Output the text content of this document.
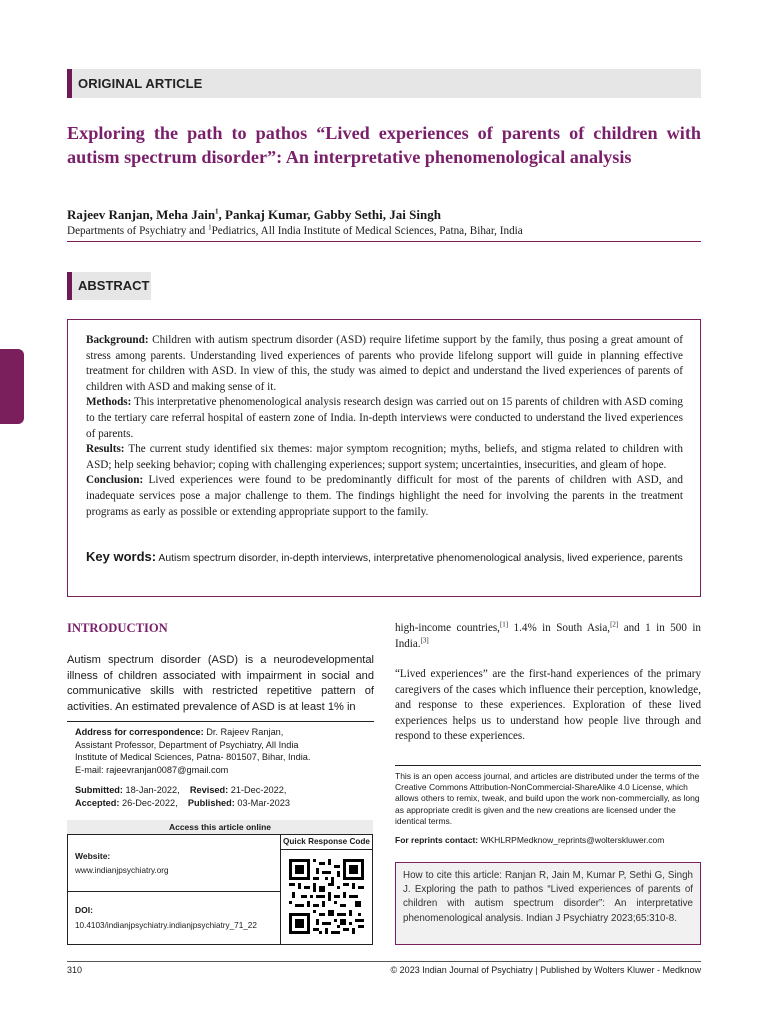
ORIGINAL ARTICLE
Exploring the path to pathos “Lived experiences of parents of children with autism spectrum disorder”: An interpretative phenomenological analysis
Rajeev Ranjan, Meha Jain$^1$, Pankaj Kumar, Gabby Sethi, Jai Singh
Departments of Psychiatry and $^1$Pediatrics, All India Institute of Medical Sciences, Patna, Bihar, India
ABSTRACT

Background: Children with autism spectrum disorder (ASD) require lifetime support by the family, thus posing a great amount of stress among parents. Understanding lived experiences of parents who provide lifelong support will guide in planning effective treatment for children with ASD. In view of this, the study was aimed to depict and understand the lived experiences of parents of children with ASD and making sense of it.

Methods: This interpretative phenomenological analysis research design was carried out on 15 parents of children with ASD coming to the tertiary care referral hospital of eastern zone of India. In-depth interviews were conducted to understand the lived experiences of parents.

Results: The current study identified six themes: major symptom recognition; myths, beliefs, and stigma related to children with ASD; help seeking behavior; coping with challenging experiences; support system; uncertainties, insecurities, and gleam of hope.

Conclusion: Lived experiences were found to be predominantly difficult for most of the parents of children with ASD, and inadequate services pose a major challenge to them. The findings highlight the need for involving the parents in the treatment programs as early as possible or extending appropriate support to the family.

Key words: Autism spectrum disorder, in-depth interviews, interpretative phenomenological analysis, lived experience, parents
INTRODUCTION
Autism spectrum disorder (ASD) is a neurodevelopmental illness of children associated with impairment in social and communicative skills with restricted repetitive pattern of activities. An estimated prevalence of ASD is at least 1% in
high-income countries,[1] 1.4% in South Asia,[2] and 1 in 500 in India.[3]
“Lived experiences” are the first-hand experiences of the primary caregivers of the cases which influence their perception, knowledge, and response to these experiences. Exploration of these lived experiences helps us to understand how people live through and respond to these experiences.

Address for correspondence: Dr. Rajeev Ranjan,

Assistant Professor, Department of Psychiatry, All India

Institute of Medical Sciences, Patna- 801507, Bihar, India.

E-mail: rajeevranjan0087@gmail.com

Submitted: 18-Jan-2022, Revised: 21-Dec-2022,

Accepted: 26-Dec-2022, Published: 03-Mar-2023

Access this article online
Quick Response Code
Website:
www.indianjpsychiatry.org
DOI:
10.4103/indianjpsychiatry.indianjpsychiatry_71_22
This is an open access journal, and articles are distributed under the terms of the Creative Commons Attribution-NonCommercial-ShareAlike 4.0 License, which allows others to remix, tweak, and build upon the work non-commercially, as long as appropriate credit is given and the new creations are licensed under the identical terms.
For reprints contact: WKHLRPMedknow_reprints@wolterskluwer.com
How to cite this article: Ranjan R, Jain M, Kumar P, Sethi G, Singh J. Exploring the path to pathos “Lived experiences of parents of children with autism spectrum disorder”: An interpretative phenomenological analysis. Indian J Psychiatry 2023;65:310-8.
310	© 2023 Indian Journal of Psychiatry | Published by Wolters Kluwer - Medknow
